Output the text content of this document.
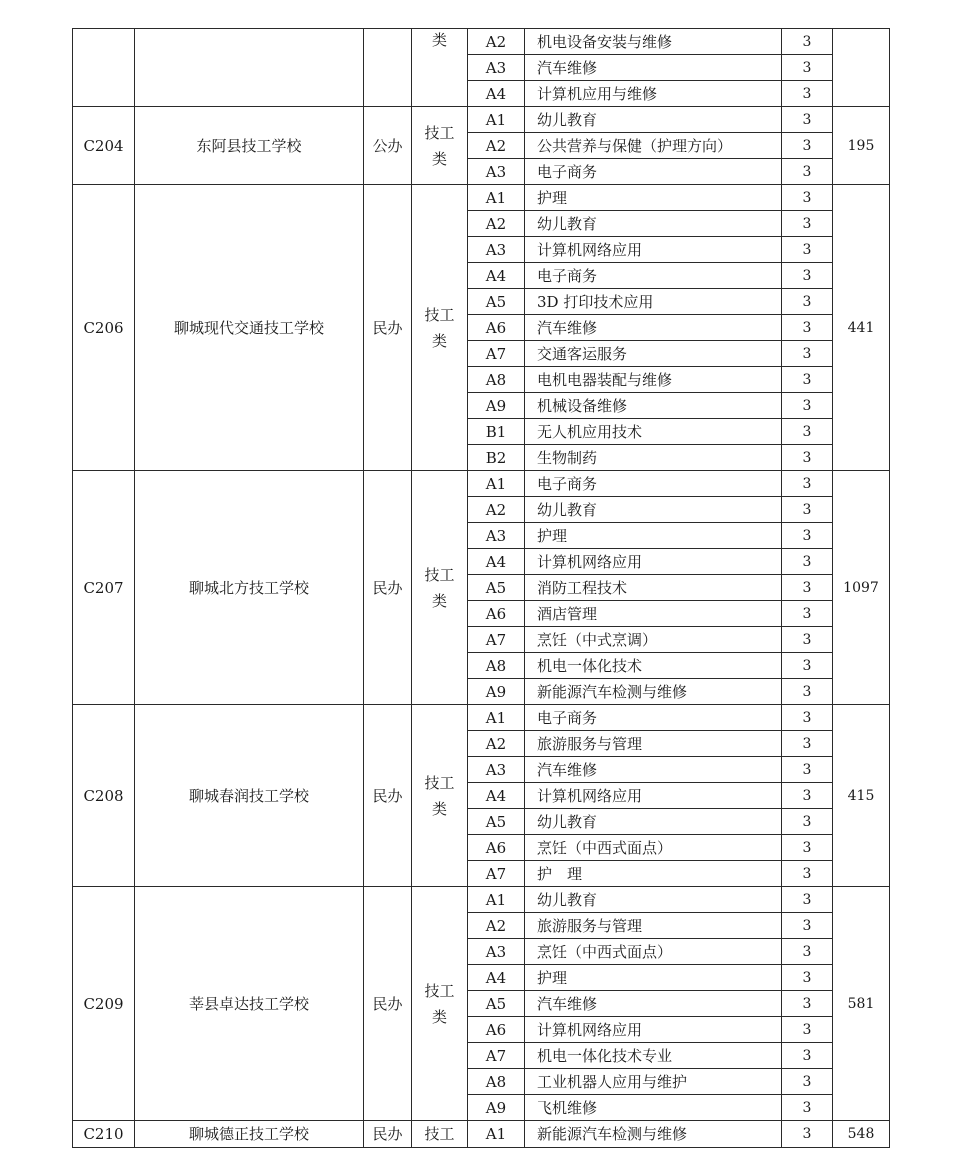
			类	A2	机电设备安装与维修	3	
				A3	汽车维修	3	
				A4	计算机应用与维修	3	
C204	东阿县技工学校	公办	技工类	A1	幼儿教育	3	195
				A2	公共营养与保健（护理方向）	3	
				A3	电子商务	3	
C206	聊城现代交通技工学校	民办	技工类	A1	护理	3	441
				A2	幼儿教育	3	
				A3	计算机网络应用	3	
				A4	电子商务	3	
				A5	3D 打印技术应用	3	
				A6	汽车维修	3	
				A7	交通客运服务	3	
				A8	电机电器装配与维修	3	
				A9	机械设备维修	3	
				B1	无人机应用技术	3	
				B2	生物制药	3	
C207	聊城北方技工学校	民办	技工类	A1	电子商务	3	1097
				A2	幼儿教育	3	
				A3	护理	3	
				A4	计算机网络应用	3	
				A5	消防工程技术	3	
				A6	酒店管理	3	
				A7	烹饪（中式烹调）	3	
				A8	机电一体化技术	3	
				A9	新能源汽车检测与维修	3	
C208	聊城春润技工学校	民办	技工类	A1	电子商务	3	415
				A2	旅游服务与管理	3	
				A3	汽车维修	3	
				A4	计算机网络应用	3	
				A5	幼儿教育	3	
				A6	烹饪（中西式面点）	3	
				A7	护　理	3	
C209	莘县卓达技工学校	民办	技工类	A1	幼儿教育	3	581
				A2	旅游服务与管理	3	
				A3	烹饪（中西式面点）	3	
				A4	护理	3	
				A5	汽车维修	3	
				A6	计算机网络应用	3	
				A7	机电一体化技术专业	3	
				A8	工业机器人应用与维护	3	
				A9	飞机维修	3	
C210	聊城德正技工学校	民办	技工	A1	新能源汽车检测与维修	3	548
